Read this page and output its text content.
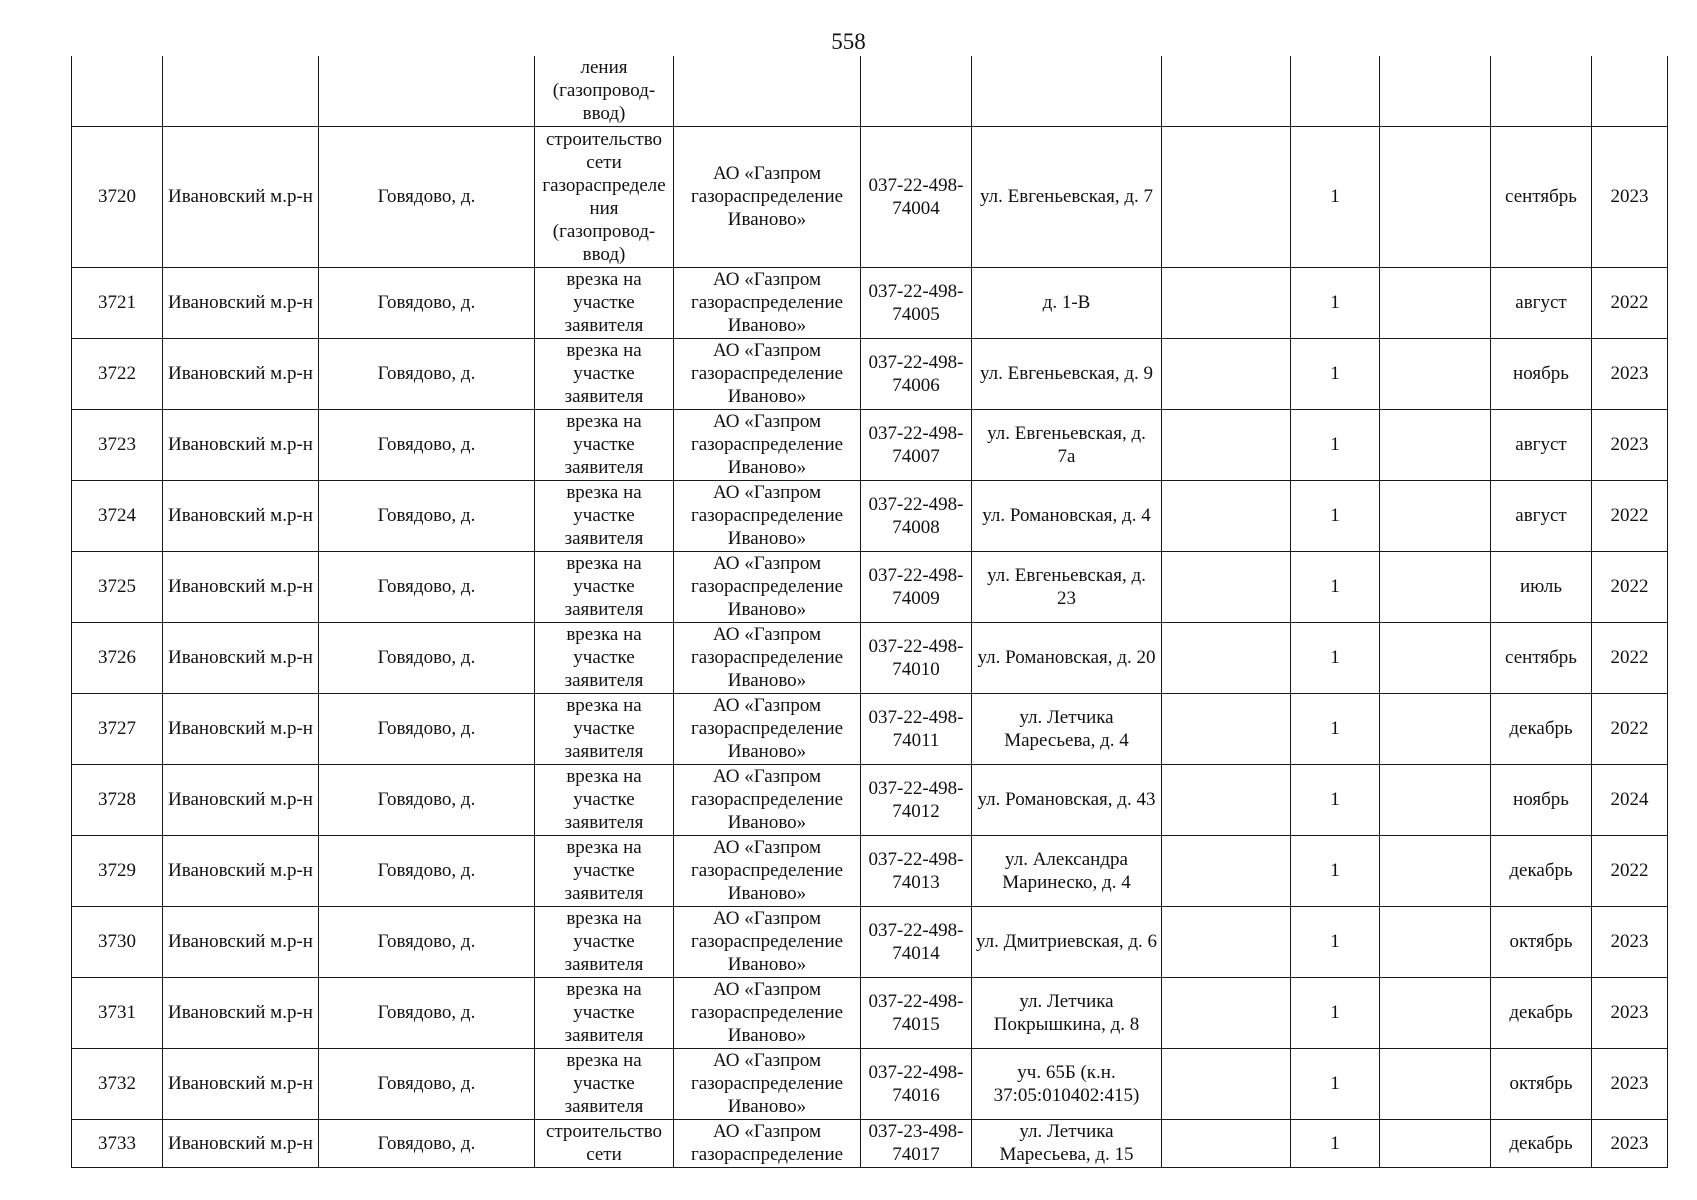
558
			ления (газопровод-ввод)								
3720	Ивановский м.р-н	Говядово, д.	строительство сети газораспределения (газопровод-ввод)	АО «Газпром газораспределение Иваново»	037-22-498-74004	ул. Евгеньевская, д. 7		1		сентябрь	2023
3721	Ивановский м.р-н	Говядово, д.	врезка на участке заявителя	АО «Газпром газораспределение Иваново»	037-22-498-74005	д. 1-В		1		август	2022
3722	Ивановский м.р-н	Говядово, д.	врезка на участке заявителя	АО «Газпром газораспределение Иваново»	037-22-498-74006	ул. Евгеньевская, д. 9		1		ноябрь	2023
3723	Ивановский м.р-н	Говядово, д.	врезка на участке заявителя	АО «Газпром газораспределение Иваново»	037-22-498-74007	ул. Евгеньевская, д. 7а		1		август	2023
3724	Ивановский м.р-н	Говядово, д.	врезка на участке заявителя	АО «Газпром газораспределение Иваново»	037-22-498-74008	ул. Романовская, д. 4		1		август	2022
3725	Ивановский м.р-н	Говядово, д.	врезка на участке заявителя	АО «Газпром газораспределение Иваново»	037-22-498-74009	ул. Евгеньевская, д. 23		1		июль	2022
3726	Ивановский м.р-н	Говядово, д.	врезка на участке заявителя	АО «Газпром газораспределение Иваново»	037-22-498-74010	ул. Романовская, д. 20		1		сентябрь	2022
3727	Ивановский м.р-н	Говядово, д.	врезка на участке заявителя	АО «Газпром газораспределение Иваново»	037-22-498-74011	ул. Летчика Маресьева, д. 4		1		декабрь	2022
3728	Ивановский м.р-н	Говядово, д.	врезка на участке заявителя	АО «Газпром газораспределение Иваново»	037-22-498-74012	ул. Романовская, д. 43		1		ноябрь	2024
3729	Ивановский м.р-н	Говядово, д.	врезка на участке заявителя	АО «Газпром газораспределение Иваново»	037-22-498-74013	ул. Александра Маринеско, д. 4		1		декабрь	2022
3730	Ивановский м.р-н	Говядово, д.	врезка на участке заявителя	АО «Газпром газораспределение Иваново»	037-22-498-74014	ул. Дмитриевская, д. 6		1		октябрь	2023
3731	Ивановский м.р-н	Говядово, д.	врезка на участке заявителя	АО «Газпром газораспределение Иваново»	037-22-498-74015	ул. Летчика Покрышкина, д. 8		1		декабрь	2023
3732	Ивановский м.р-н	Говядово, д.	врезка на участке заявителя	АО «Газпром газораспределение Иваново»	037-22-498-74016	уч. 65Б (к.н. 37:05:010402:415)		1		октябрь	2023
3733	Ивановский м.р-н	Говядово, д.	строительство сети	АО «Газпром газораспределение	037-23-498-74017	ул. Летчика Маресьева, д. 15		1		декабрь	2023
